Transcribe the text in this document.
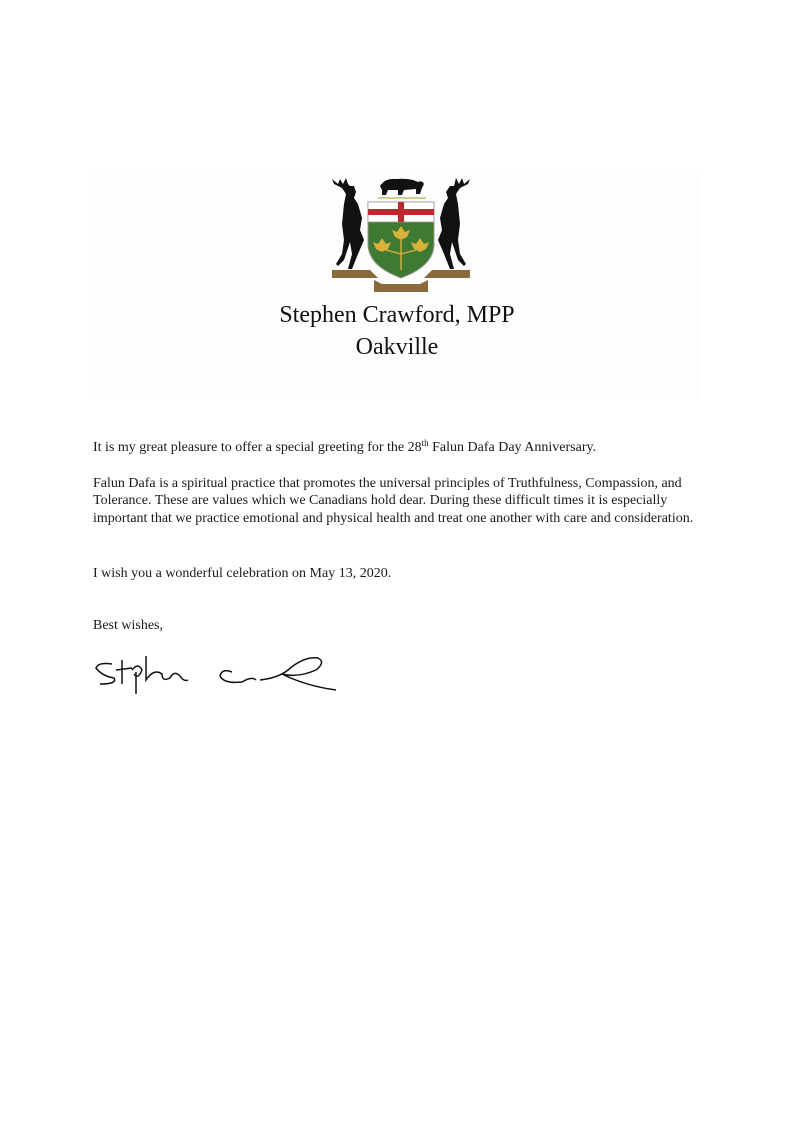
Stephen Crawford, MPP
Oakville
It is my great pleasure to offer a special greeting for the 28th Falun Dafa Day Anniversary.
Falun Dafa is a spiritual practice that promotes the universal principles of Truthfulness, Compassion, and Tolerance. These are values which we Canadians hold dear. During these difficult times it is especially important that we practice emotional and physical health and treat one another with care and consideration.
I wish you a wonderful celebration on May 13, 2020.
Best wishes,
